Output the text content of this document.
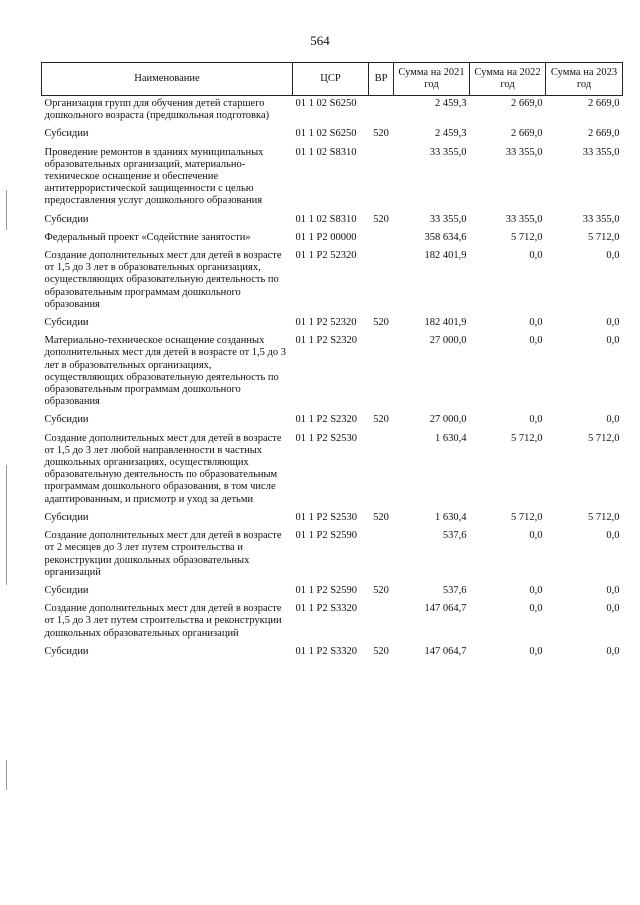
564
Наименование	ЦСР	ВР	Сумма на 2021 год	Сумма на 2022 год	Сумма на 2023 год
Организация групп для обучения детей старшего дошкольного возраста (предшкольная подготовка)	01 1 02 S6250		2 459,3	2 669,0	2 669,0
Субсидии	01 1 02 S6250	520	2 459,3	2 669,0	2 669,0
Проведение ремонтов в зданиях муниципальных образовательных организаций, материально-техническое оснащение и обеспечение антитеррористической защищенности с целью предоставления услуг дошкольного образования	01 1 02 S8310		33 355,0	33 355,0	33 355,0
Субсидии	01 1 02 S8310	520	33 355,0	33 355,0	33 355,0
Федеральный проект «Содействие занятости»	01 1 P2 00000		358 634,6	5 712,0	5 712,0
Создание дополнительных мест для детей в возрасте от 1,5 до 3 лет в образовательных организациях, осуществляющих образовательную деятельность по образовательным программам дошкольного образования	01 1 P2 52320		182 401,9	0,0	0,0
Субсидии	01 1 P2 52320	520	182 401,9	0,0	0,0
Материально-техническое оснащение созданных дополнительных мест для детей в возрасте от 1,5 до 3 лет в образовательных организациях, осуществляющих образовательную деятельность по образовательным программам дошкольного образования	01 1 P2 S2320		27 000,0	0,0	0,0
Субсидии	01 1 P2 S2320	520	27 000,0	0,0	0,0
Создание дополнительных мест для детей в возрасте от 1,5 до 3 лет любой направленности в частных дошкольных организациях, осуществляющих образовательную деятельность по образовательным программам дошкольного образования, в том числе адаптированным, и присмотр и уход за детьми	01 1 P2 S2530		1 630,4	5 712,0	5 712,0
Субсидии	01 1 P2 S2530	520	1 630,4	5 712,0	5 712,0
Создание дополнительных мест для детей в возрасте от 2 месяцев до 3 лет путем строительства и реконструкции дошкольных образовательных организаций	01 1 P2 S2590		537,6	0,0	0,0
Субсидии	01 1 P2 S2590	520	537,6	0,0	0,0
Создание дополнительных мест для детей в возрасте от 1,5 до 3 лет путем строительства и реконструкции дошкольных образовательных организаций	01 1 P2 S3320		147 064,7	0,0	0,0
Субсидии	01 1 P2 S3320	520	147 064,7	0,0	0,0
